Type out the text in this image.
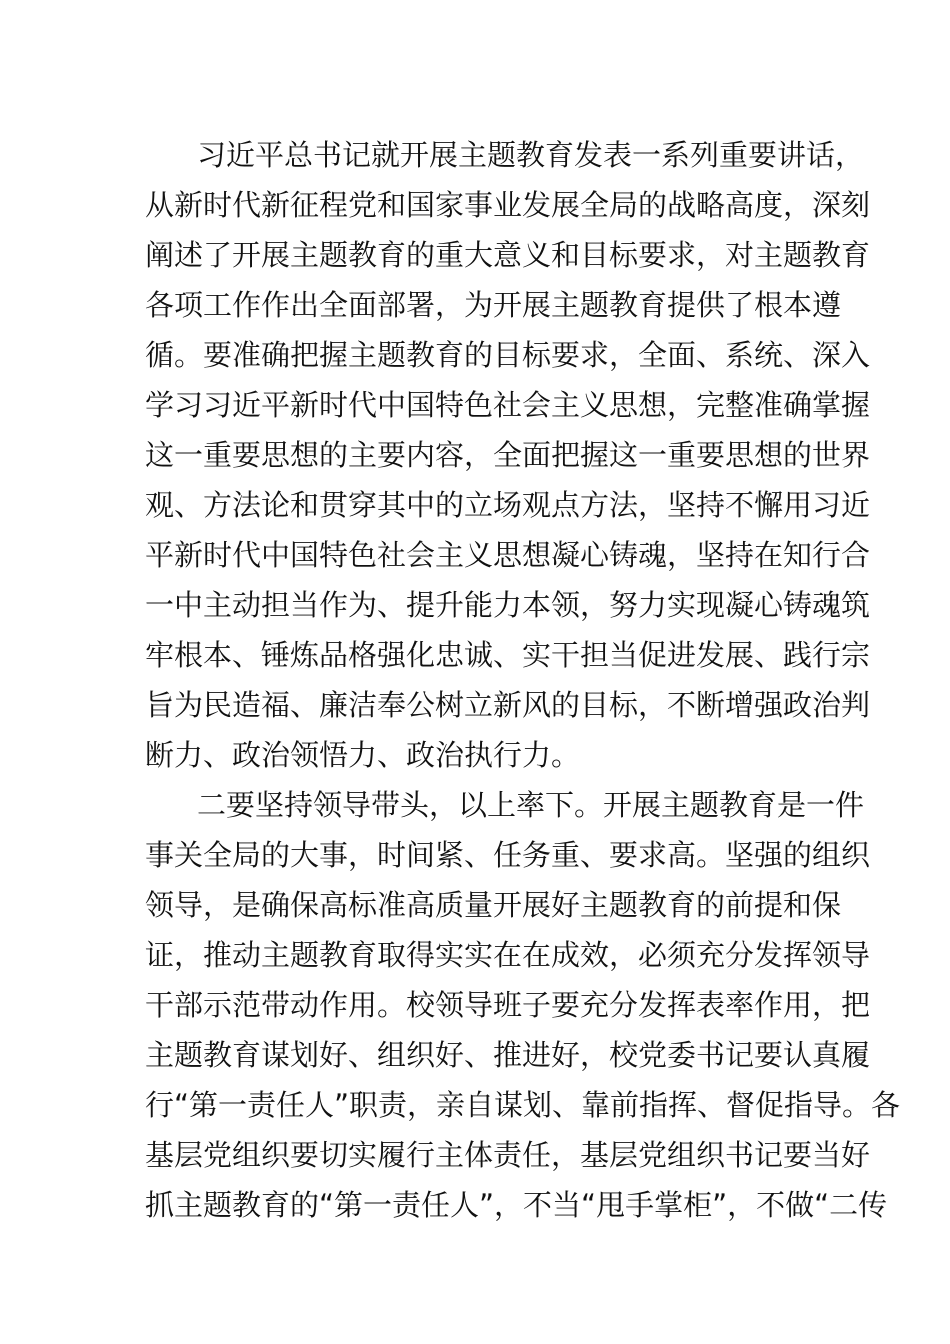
习近平总书记就开展主题教育发表一系列重要讲话，
从新时代新征程党和国家事业发展全局的战略高度，深刻
阐述了开展主题教育的重大意义和目标要求，对主题教育
各项工作作出全面部署，为开展主题教育提供了根本遵
循。要准确把握主题教育的目标要求，全面、系统、深入
学习习近平新时代中国特色社会主义思想，完整准确掌握
这一重要思想的主要内容，全面把握这一重要思想的世界
观、方法论和贯穿其中的立场观点方法，坚持不懈用习近
平新时代中国特色社会主义思想凝心铸魂，坚持在知行合
一中主动担当作为、提升能力本领，努力实现凝心铸魂筑
牢根本、锤炼品格强化忠诚、实干担当促进发展、践行宗
旨为民造福、廉洁奉公树立新风的目标，不断增强政治判
断力、政治领悟力、政治执行力。
二要坚持领导带头，以上率下。开展主题教育是一件
事关全局的大事，时间紧、任务重、要求高。坚强的组织
领导，是确保高标准高质量开展好主题教育的前提和保
证，推动主题教育取得实实在在成效，必须充分发挥领导
干部示范带动作用。校领导班子要充分发挥表率作用，把
主题教育谋划好、组织好、推进好，校党委书记要认真履
行“第一责任人”职责，亲自谋划、靠前指挥、督促指导。各
基层党组织要切实履行主体责任，基层党组织书记要当好
抓主题教育的“第一责任人”，不当“甩手掌柜”，不做“二传
